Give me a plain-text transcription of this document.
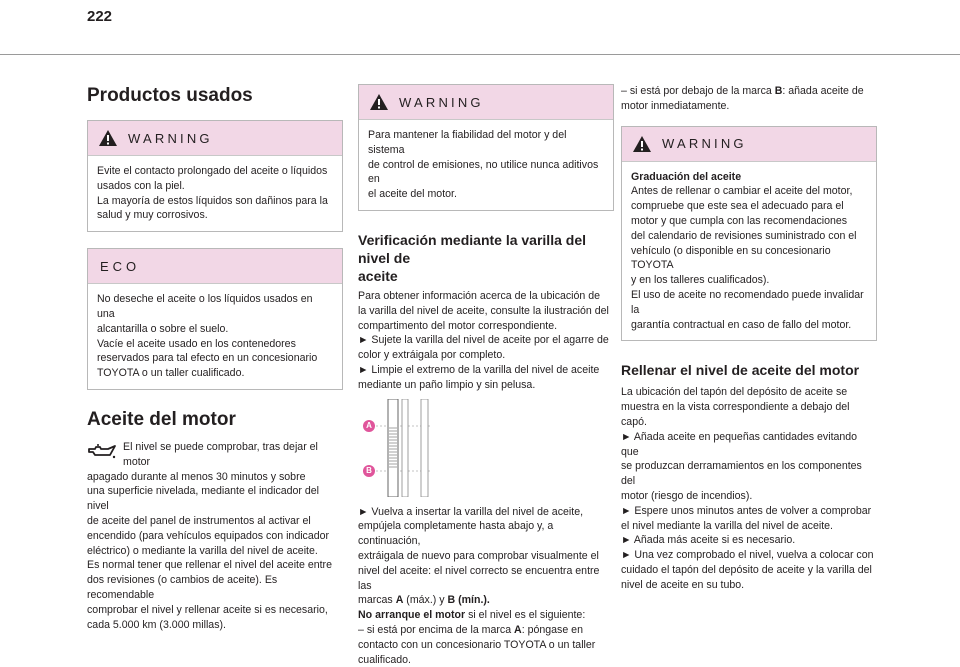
222
Productos usados
WARNING
Evite el contacto prolongado del aceite o líquidos
usados con la piel.
La mayoría de estos líquidos son dañinos para la
salud y muy corrosivos.
ECO
No deseche el aceite o los líquidos usados en una
alcantarilla o sobre el suelo.
Vacíe el aceite usado en los contenedores
reservados para tal efecto en un concesionario
TOYOTA o un taller cualificado.
Aceite del motor
El nivel se puede comprobar, tras dejar el motor
apagado durante al menos 30 minutos y sobre
una superficie nivelada, mediante el indicador del nivel
de aceite del panel de instrumentos al activar el
encendido (para vehículos equipados con indicador
eléctrico) o mediante la varilla del nivel de aceite.
Es normal tener que rellenar el nivel del aceite entre
dos revisiones (o cambios de aceite). Es recomendable
comprobar el nivel y rellenar aceite si es necesario,
cada 5.000 km (3.000 millas).
WARNING
Para mantener la fiabilidad del motor y del sistema
de control de emisiones, no utilice nunca aditivos en
el aceite del motor.
Verificación mediante la varilla del nivel de
aceite
Para obtener información acerca de la ubicación de
la varilla del nivel de aceite, consulte la ilustración del
compartimento del motor correspondiente.
► Sujete la varilla del nivel de aceite por el agarre de
color y extráigala por completo.
► Limpie el extremo de la varilla del nivel de aceite
mediante un paño limpio y sin pelusa.
A
B
► Vuelva a insertar la varilla del nivel de aceite,
empújela completamente hasta abajo y, a continuación,
extráigala de nuevo para comprobar visualmente el
nivel del aceite: el nivel correcto se encuentra entre las
marcas A (máx.) y B (mín.).
No arranque el motor si el nivel es el siguiente:
– si está por encima de la marca A: póngase en
contacto con un concesionario TOYOTA o un taller
cualificado.
– si está por debajo de la marca B: añada aceite de
motor inmediatamente.
WARNING
Graduación del aceite
Antes de rellenar o cambiar el aceite del motor,
compruebe que este sea el adecuado para el
motor y que cumpla con las recomendaciones
del calendario de revisiones suministrado con el
vehículo (o disponible en su concesionario TOYOTA
y en los talleres cualificados).
El uso de aceite no recomendado puede invalidar la
garantía contractual en caso de fallo del motor.
Rellenar el nivel de aceite del motor
La ubicación del tapón del depósito de aceite se
muestra en la vista correspondiente a debajo del capó.
► Añada aceite en pequeñas cantidades evitando que
se produzcan derramamientos en los componentes del
motor (riesgo de incendios).
► Espere unos minutos antes de volver a comprobar
el nivel mediante la varilla del nivel de aceite.
► Añada más aceite si es necesario.
► Una vez comprobado el nivel, vuelva a colocar con
cuidado el tapón del depósito de aceite y la varilla del
nivel de aceite en su tubo.
